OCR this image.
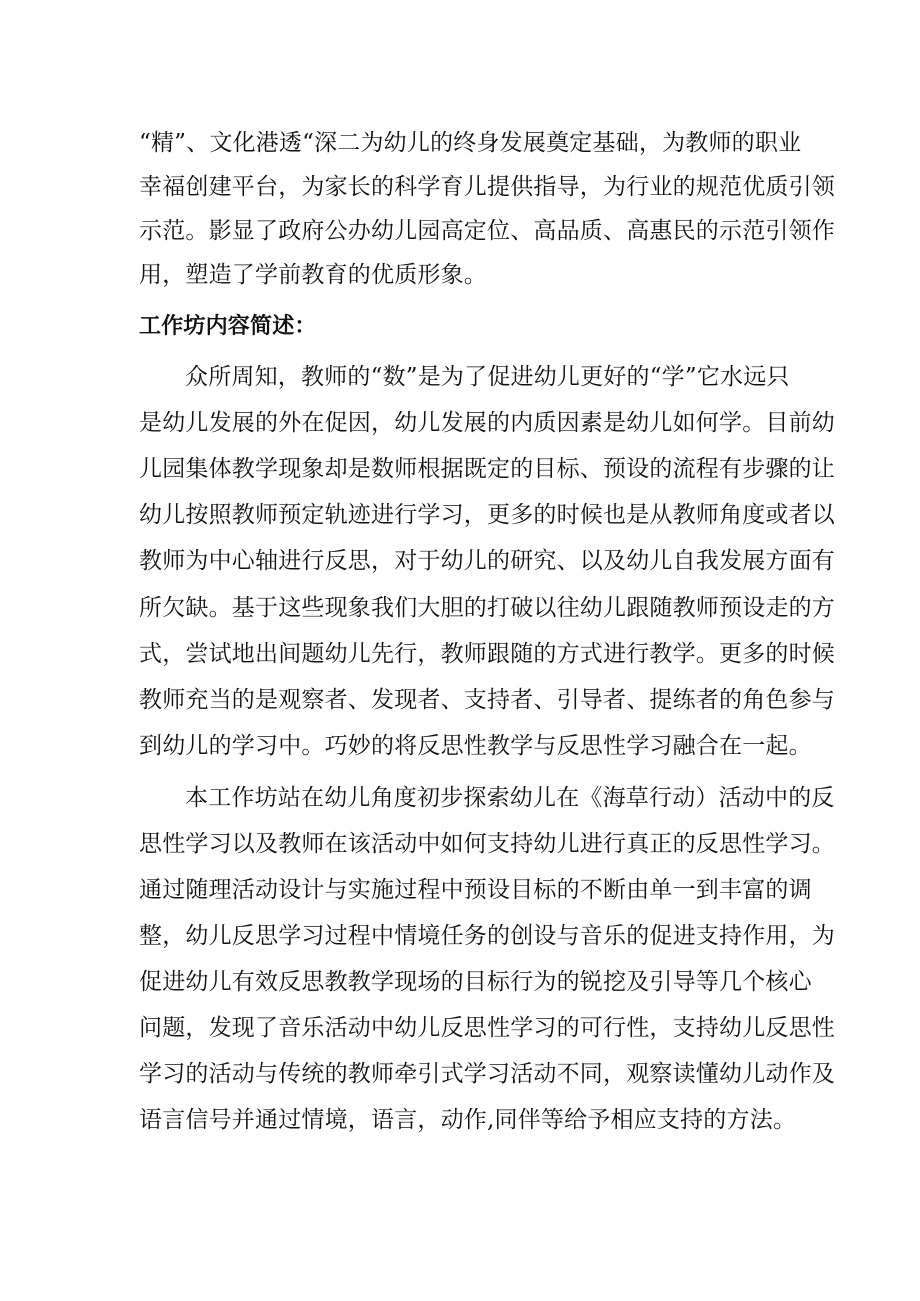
“精”、文化港透“深二为幼儿的终身发展奠定基础，为教师的职业
幸福创建平台，为家长的科学育儿提供指导，为行业的规范优质引领
示范。影显了政府公办幼儿园高定位、高品质、高惠民的示范引领作
用，塑造了学前教育的优质形象。
工作坊内容简述：
众所周知，教师的“数”是为了促进幼儿更好的“学”它水远只
是幼儿发展的外在促因，幼儿发展的内质因素是幼儿如何学。目前幼
儿园集体教学现象却是数师根据既定的目标、预设的流程有步骤的让
幼儿按照教师预定轨迹进行学习，更多的时候也是从教师角度或者以
教师为中心轴进行反思，对于幼儿的研究、以及幼儿自我发展方面有
所欠缺。基于这些现象我们大胆的打破以往幼儿跟随教师预设走的方
式，尝试地出间题幼儿先行，教师跟随的方式进行教学。更多的时候
教师充当的是观察者、发现者、支持者、引导者、提练者的角色参与
到幼儿的学习中。巧妙的将反思性教学与反思性学习融合在一起。
本工作坊站在幼儿角度初步探索幼儿在《海草行动）活动中的反
思性学习以及教师在该活动中如何支持幼儿进行真正的反思性学习。
通过随理活动设计与实施过程中预设目标的不断由单一到丰富的调
整，幼儿反思学习过程中情境任务的创设与音乐的促进支持作用，为
促进幼儿有效反思教教学现场的目标行为的锐挖及引导等几个核心
问题，发现了音乐活动中幼儿反思性学习的可行性，支持幼儿反思性
学习的活动与传统的教师牵引式学习活动不同，观察读懂幼儿动作及
语言信号并通过情境，语言，动作,同伴等给予相应支持的方法。
